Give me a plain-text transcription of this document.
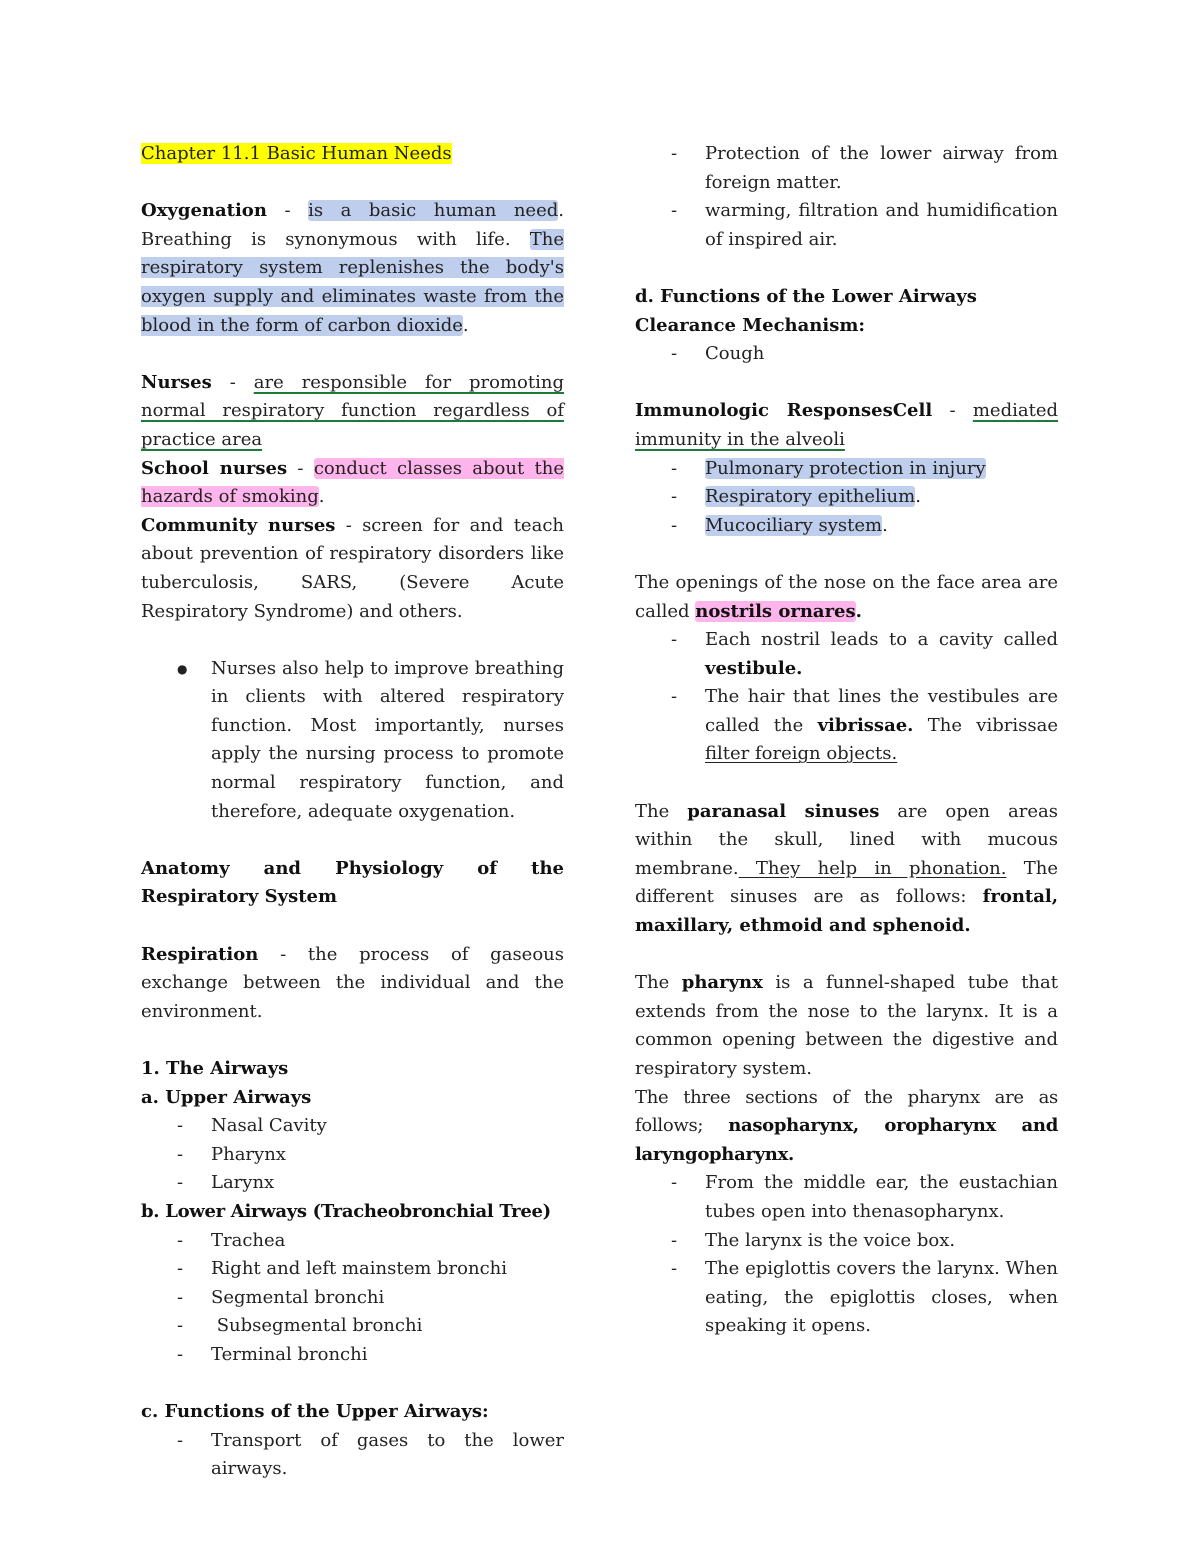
Chapter 11.1 Basic Human Needs

Oxygenation - is a basic human need. Breathing is synonymous with life. The respiratory system replenishes the body's oxygen supply and eliminates waste from the blood in the form of carbon dioxide.

Nurses - are responsible for promoting normal respiratory function regardless of practice area

School nurses - conduct classes about the hazards of smoking.

Community nurses - screen for and teach about prevention of respiratory disorders like tuberculosis, SARS, (Severe Acute Respiratory Syndrome) and others.

● Nurses also help to improve breathing in clients with altered respiratory function. Most importantly, nurses apply the nursing process to promote normal respiratory function, and therefore, adequate oxygenation.

Anatomy and Physiology of the Respiratory System

Respiration - the process of gaseous exchange between the individual and the environment.

1. The Airways

a. Upper Airways

- Nasal Cavity
- Pharynx
- Larynx

b. Lower Airways (Tracheobronchial Tree)

- Trachea
- Right and left mainstem bronchi
- Segmental bronchi
-  Subsegmental bronchi
- Terminal bronchi

c. Functions of the Upper Airways:

- Transport of gases to the lower airways.
- Protection of the lower airway from foreign matter.
- warming, filtration and humidification of inspired air.

d. Functions of the Lower Airways

Clearance Mechanism:

- Cough

Immunologic ResponsesCell - mediated immunity in the alveoli

- Pulmonary protection in injury
- Respiratory epithelium.
- Mucociliary system.

The openings of the nose on the face area are called nostrils ornares.

- Each nostril leads to a cavity called vestibule.
- The hair that lines the vestibules are called the vibrissae. The vibrissae filter foreign objects.

The paranasal sinuses are open areas within the skull, lined with mucous membrane. They help in phonation. The different sinuses are as follows: frontal, maxillary, ethmoid and sphenoid.

The pharynx is a funnel-shaped tube that extends from the nose to the larynx. It is a common opening between the digestive and respiratory system.

The three sections of the pharynx are as follows; nasopharynx, oropharynx and laryngopharynx.

- From the middle ear, the eustachian tubes open into thenasopharynx.
- The larynx is the voice box.
- The epiglottis covers the larynx. When eating, the epiglottis closes, when speaking it opens.
